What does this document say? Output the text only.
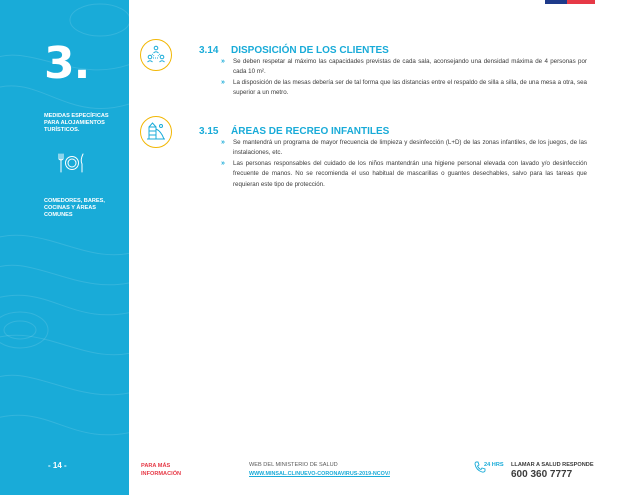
3.
MEDIDAS ESPECÍFICAS PARA ALOJAMIENTOS TURÍSTICOS.
COMEDORES, BARES, COCINAS Y ÁREAS COMUNES
- 14 -
3.14 DISPOSICIÓN DE LOS CLIENTES
» Se deben respetar al máximo las capacidades previstas de cada sala, aconsejando una densidad máxima de 4 personas por cada 10 m².
» La disposición de las mesas debería ser de tal forma que las distancias entre el respaldo de silla a silla, de una mesa a otra, sea superior a un metro.
3.15 ÁREAS DE RECREO INFANTILES
» Se mantendrá un programa de mayor frecuencia de limpieza y desinfección (L+D) de las zonas infantiles, de los juegos, de las instalaciones, etc.
» Las personas responsables del cuidado de los niños mantendrán una higiene personal elevada con lavado y/o desinfección frecuente de manos. No se recomienda el uso habitual de mascarillas o guantes desechables, salvo para las tareas que requieran este tipo de protección.
PARA MÁS
INFORMACIÓN
WEB DEL MINISTERIO DE SALUD
WWW.MINSAL.CL/NUEVO-CORONAVIRUS-2019-NCOV/
24 HRS LLAMAR A SALUD RESPONDE
600 360 7777
